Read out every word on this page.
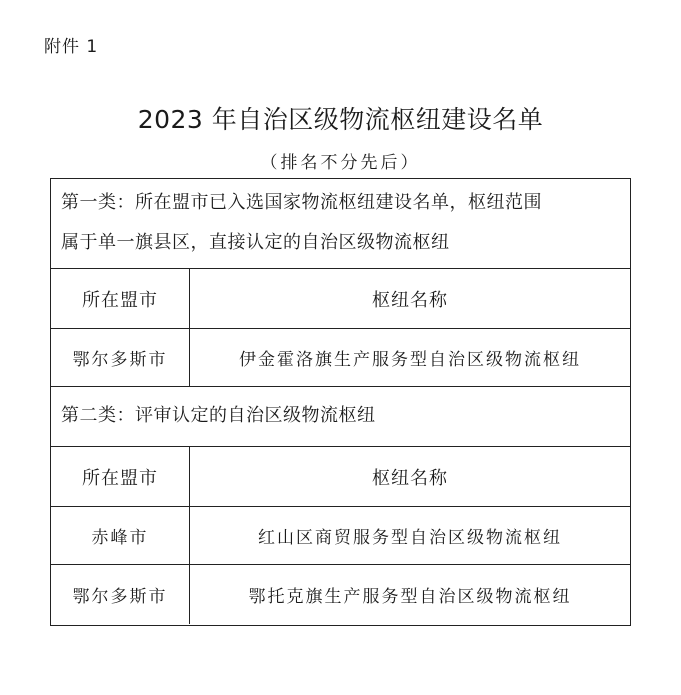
附件 1
2023 年自治区级物流枢纽建设名单
（排名不分先后）
第一类：所在盟市已入选国家物流枢纽建设名单，枢纽范围
属于单一旗县区，直接认定的自治区级物流枢纽
所在盟市	枢纽名称
鄂尔多斯市	伊金霍洛旗生产服务型自治区级物流枢纽
第二类：评审认定的自治区级物流枢纽
所在盟市	枢纽名称
赤峰市	红山区商贸服务型自治区级物流枢纽
鄂尔多斯市	鄂托克旗生产服务型自治区级物流枢纽
